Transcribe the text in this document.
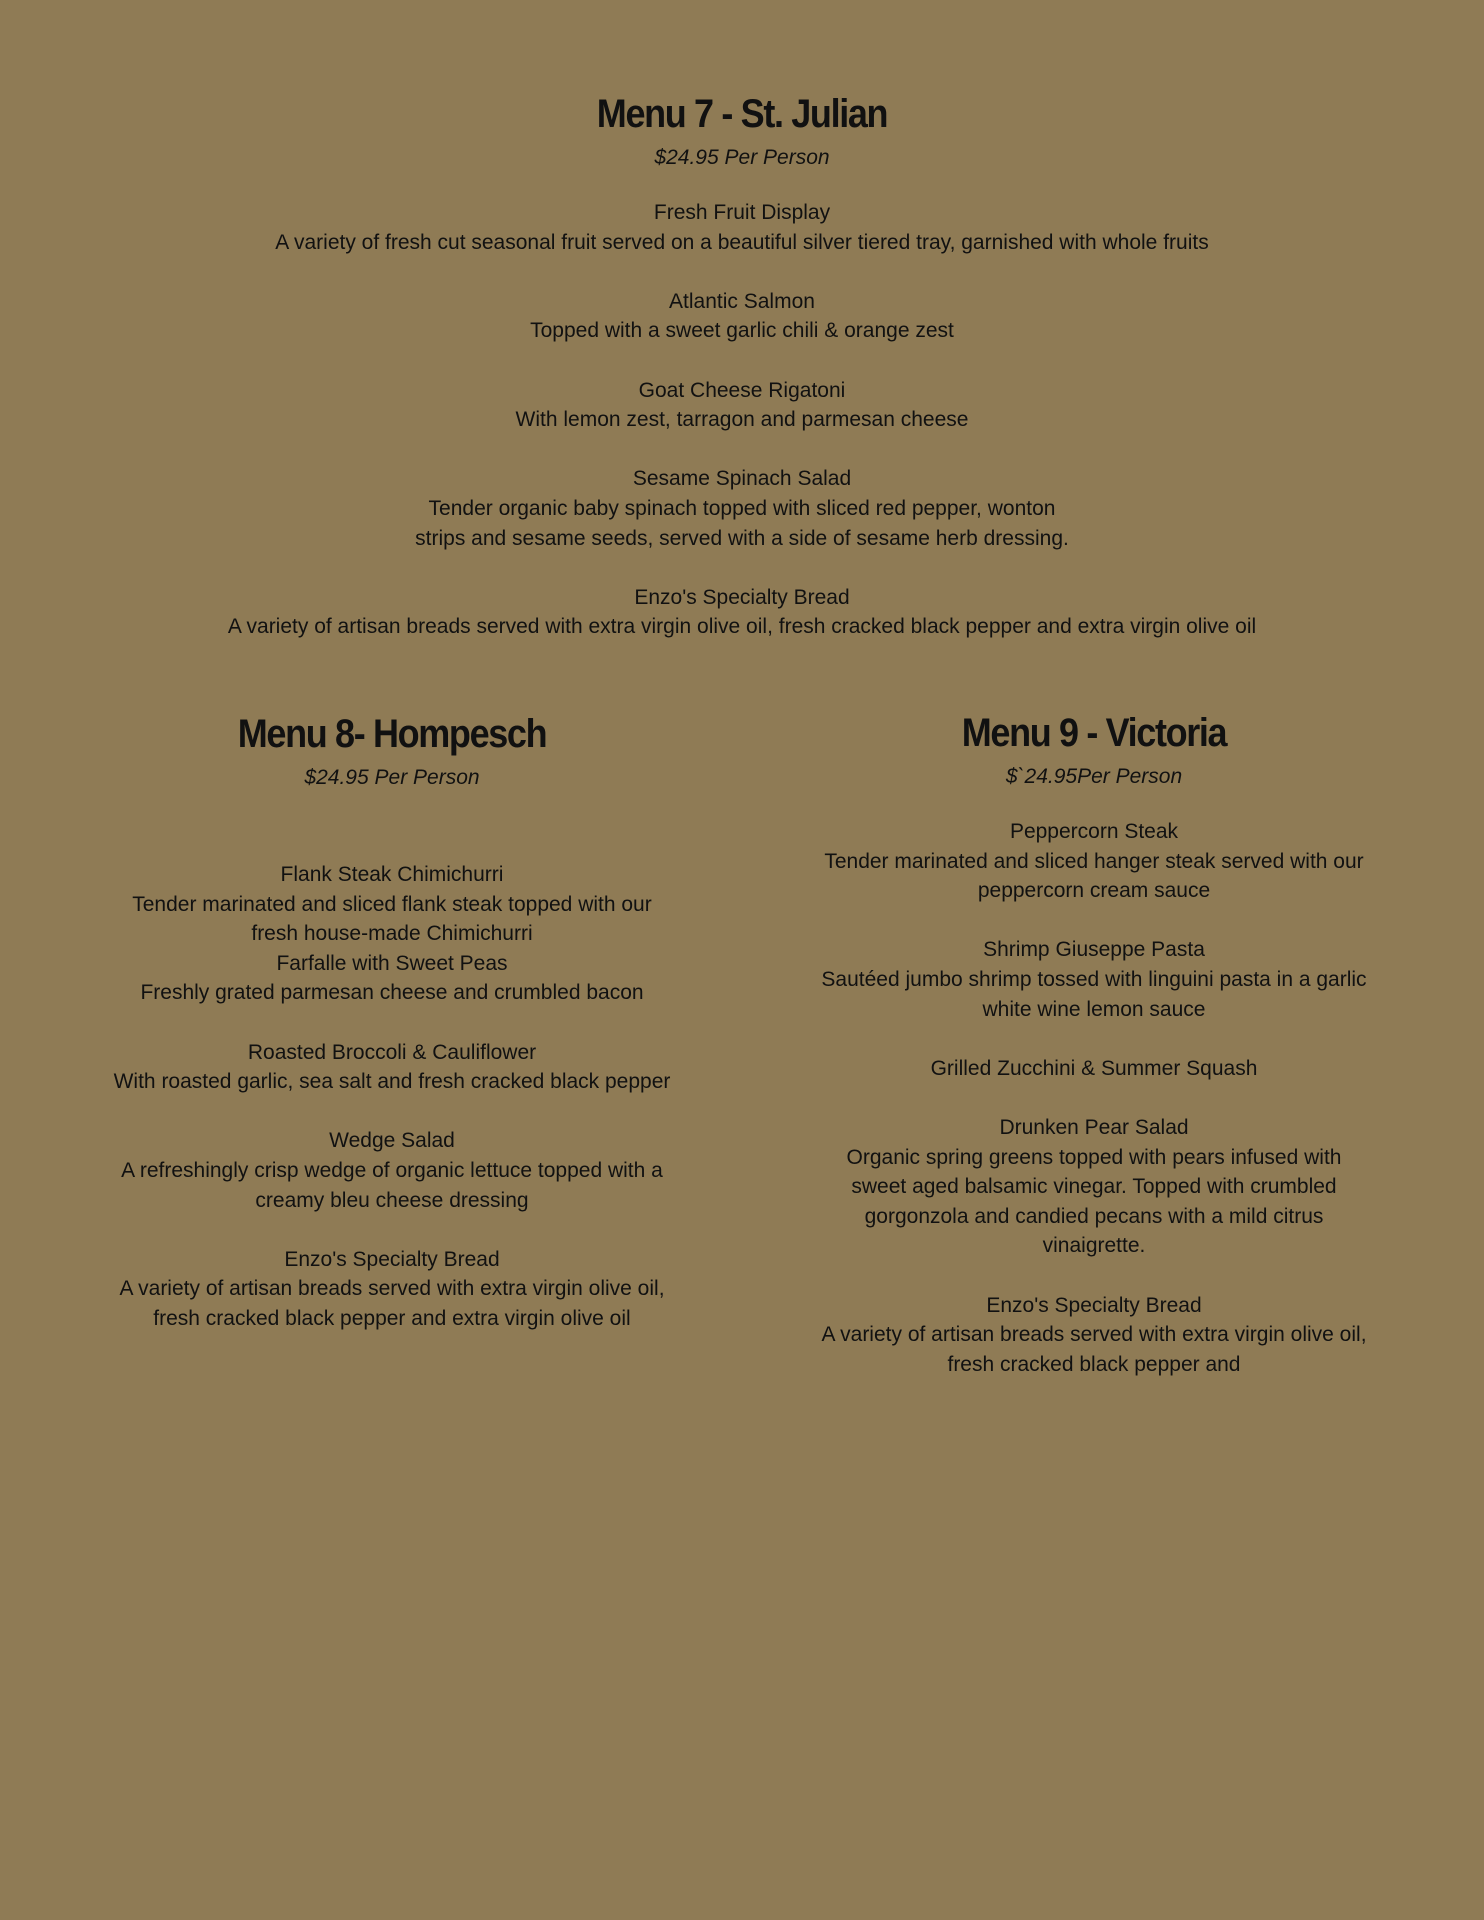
Menu 7 - St. Julian
$24.95 Per Person
Fresh Fruit Display
A variety of fresh cut seasonal fruit served on a beautiful silver tiered tray, garnished with whole fruits
Atlantic Salmon
Topped with a sweet garlic chili & orange zest
Goat Cheese Rigatoni
With lemon zest, tarragon and parmesan cheese
Sesame Spinach Salad
Tender organic baby spinach topped with sliced red pepper, wonton
strips and sesame seeds, served with a side of sesame herb dressing.
Enzo's Specialty Bread
A variety of artisan breads served with extra virgin olive oil, fresh cracked black pepper and extra virgin olive oil
Menu 8- Hompesch
$24.95 Per Person
Flank Steak Chimichurri
Tender marinated and sliced flank steak topped with our
fresh house-made Chimichurri
Farfalle with Sweet Peas
Freshly grated parmesan cheese and crumbled bacon
Roasted Broccoli & Cauliflower
With roasted garlic, sea salt and fresh cracked black pepper
Wedge Salad
A refreshingly crisp wedge of organic lettuce topped with a
creamy bleu cheese dressing
Enzo's Specialty Bread
A variety of artisan breads served with extra virgin olive oil,
fresh cracked black pepper and extra virgin olive oil
Menu 9 - Victoria
$`24.95Per Person
Peppercorn Steak
Tender marinated and sliced hanger steak served with our
peppercorn cream sauce
Shrimp Giuseppe Pasta
Sautéed jumbo shrimp tossed with linguini pasta in a garlic
white wine lemon sauce
Grilled Zucchini & Summer Squash
Drunken Pear Salad
Organic spring greens topped with pears infused with
sweet aged balsamic vinegar. Topped with crumbled
gorgonzola and candied pecans with a mild citrus
vinaigrette.
Enzo's Specialty Bread
A variety of artisan breads served with extra virgin olive oil,
fresh cracked black pepper and
